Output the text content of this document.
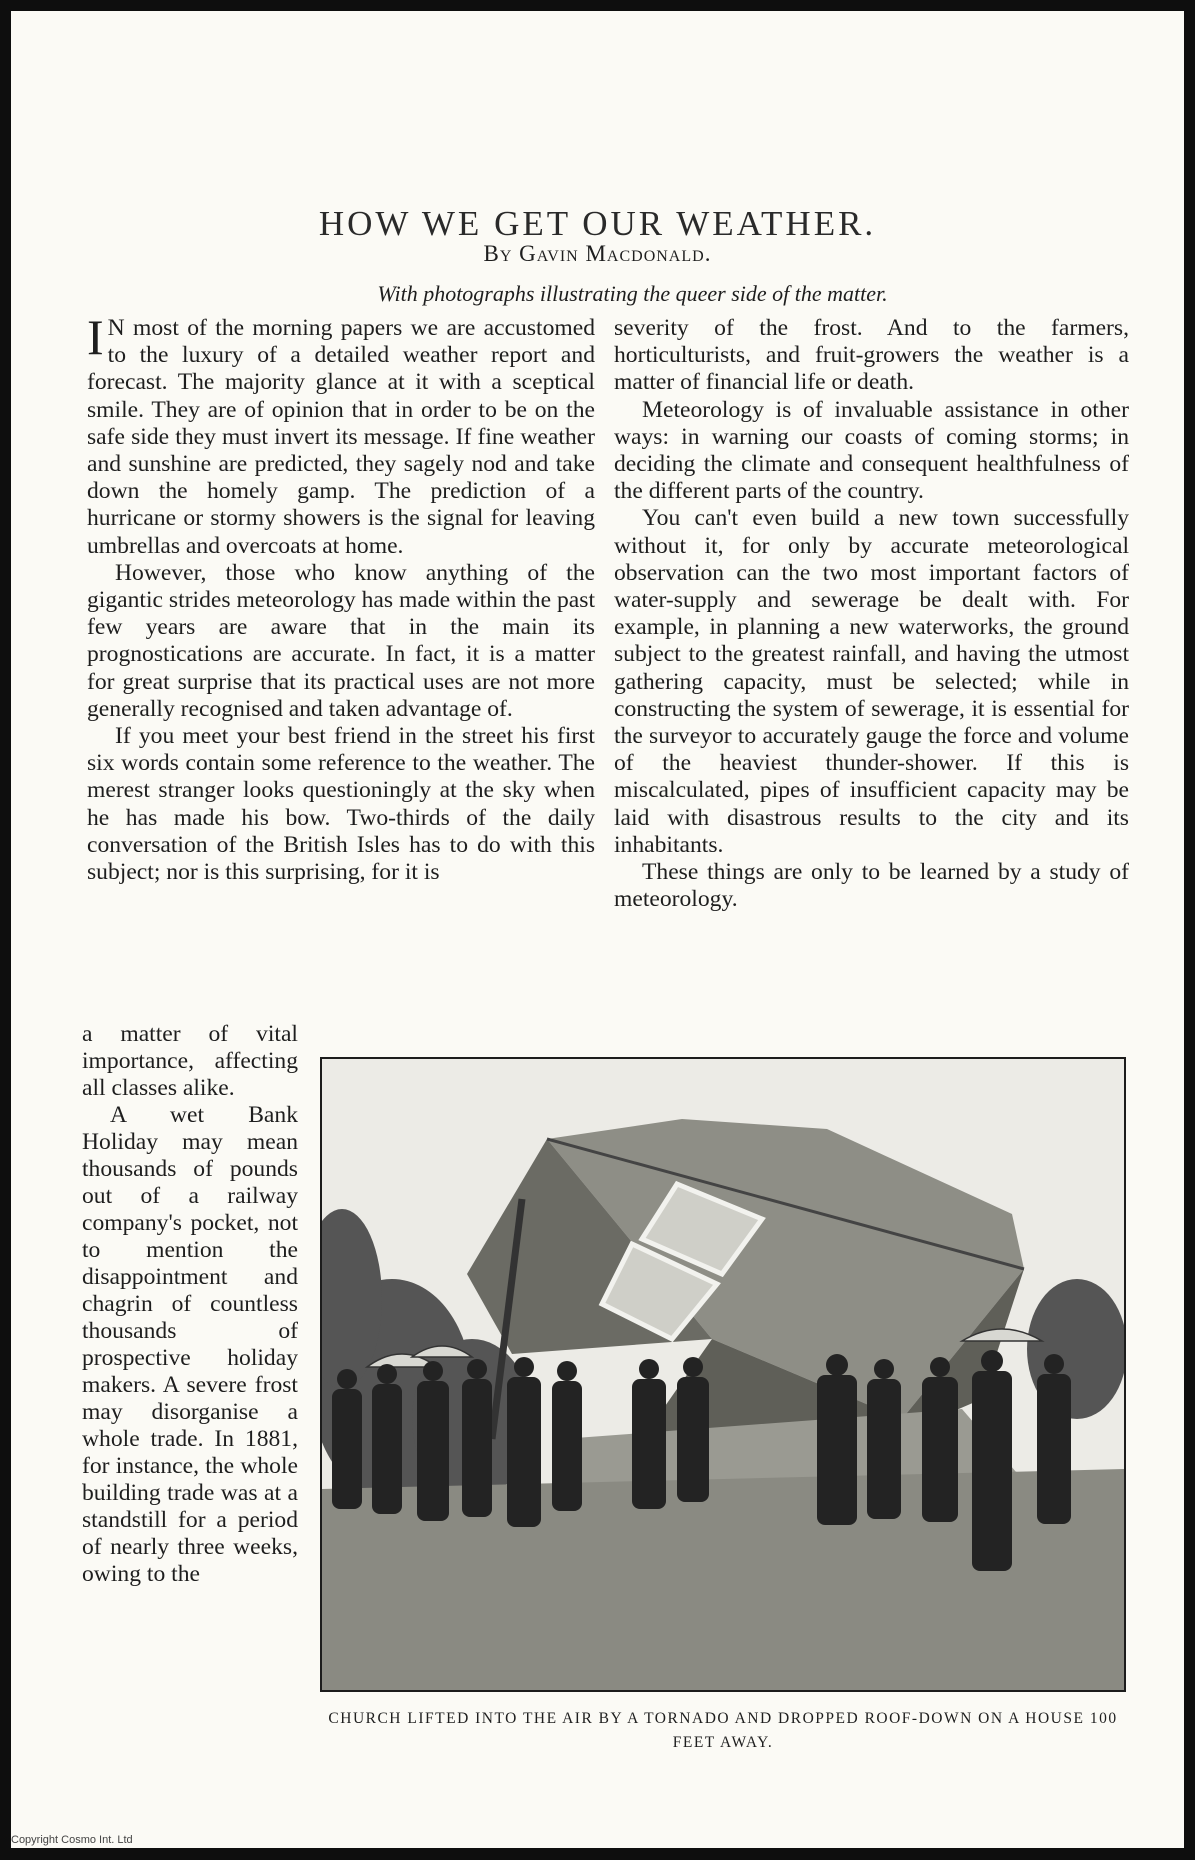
HOW WE GET OUR WEATHER.
By Gavin Macdonald.
With photographs illustrating the queer side of the matter.

I N most of the morning papers we are accustomed to the luxury of a detailed weather report and forecast. The majority glance at it with a sceptical smile. They are of opinion that in order to be on the safe side they must invert its message. If fine weather and sunshine are predicted, they sagely nod and take down the homely gamp. The prediction of a hurricane or stormy showers is the signal for leaving umbrellas and overcoats at home.

However, those who know anything of the gigantic strides meteorology has made within the past few years are aware that in the main its prognostications are accurate. In fact, it is a matter for great surprise that its practical uses are not more generally recognised and taken advantage of.

If you meet your best friend in the street his first six words contain some reference to the weather. The merest stranger looks questioningly at the sky when he has made his bow. Two-thirds of the daily conversation of the British Isles has to do with this subject; nor is this surprising, for it is

a matter of vital importance, affecting all classes alike.

A wet Bank Holiday may mean thousands of pounds out of a railway company's pocket, not to mention the disappointment and chagrin of countless thousands of prospective holiday makers. A severe frost may disorganise a whole trade. In 1881, for instance, the whole building trade was at a standstill for a period of nearly three weeks, owing to the

severity of the frost. And to the farmers, horticulturists, and fruit-growers the weather is a matter of financial life or death.

Meteorology is of invaluable assistance in other ways: in warning our coasts of coming storms; in deciding the climate and consequent healthfulness of the different parts of the country.

You can't even build a new town successfully without it, for only by accurate meteorological observation can the two most important factors of water-supply and sewerage be dealt with. For example, in planning a new waterworks, the ground subject to the greatest rainfall, and having the utmost gathering capacity, must be selected; while in constructing the system of sewerage, it is essential for the surveyor to accurately gauge the force and volume of the heaviest thunder-shower. If this is miscalculated, pipes of insufficient capacity may be laid with disastrous results to the city and its inhabitants.

These things are only to be learned by a study of meteorology.

CHURCH LIFTED INTO THE AIR BY A TORNADO AND DROPPED ROOF-DOWN ON A HOUSE 100 FEET AWAY.
Copyright Cosmo Int. Ltd
